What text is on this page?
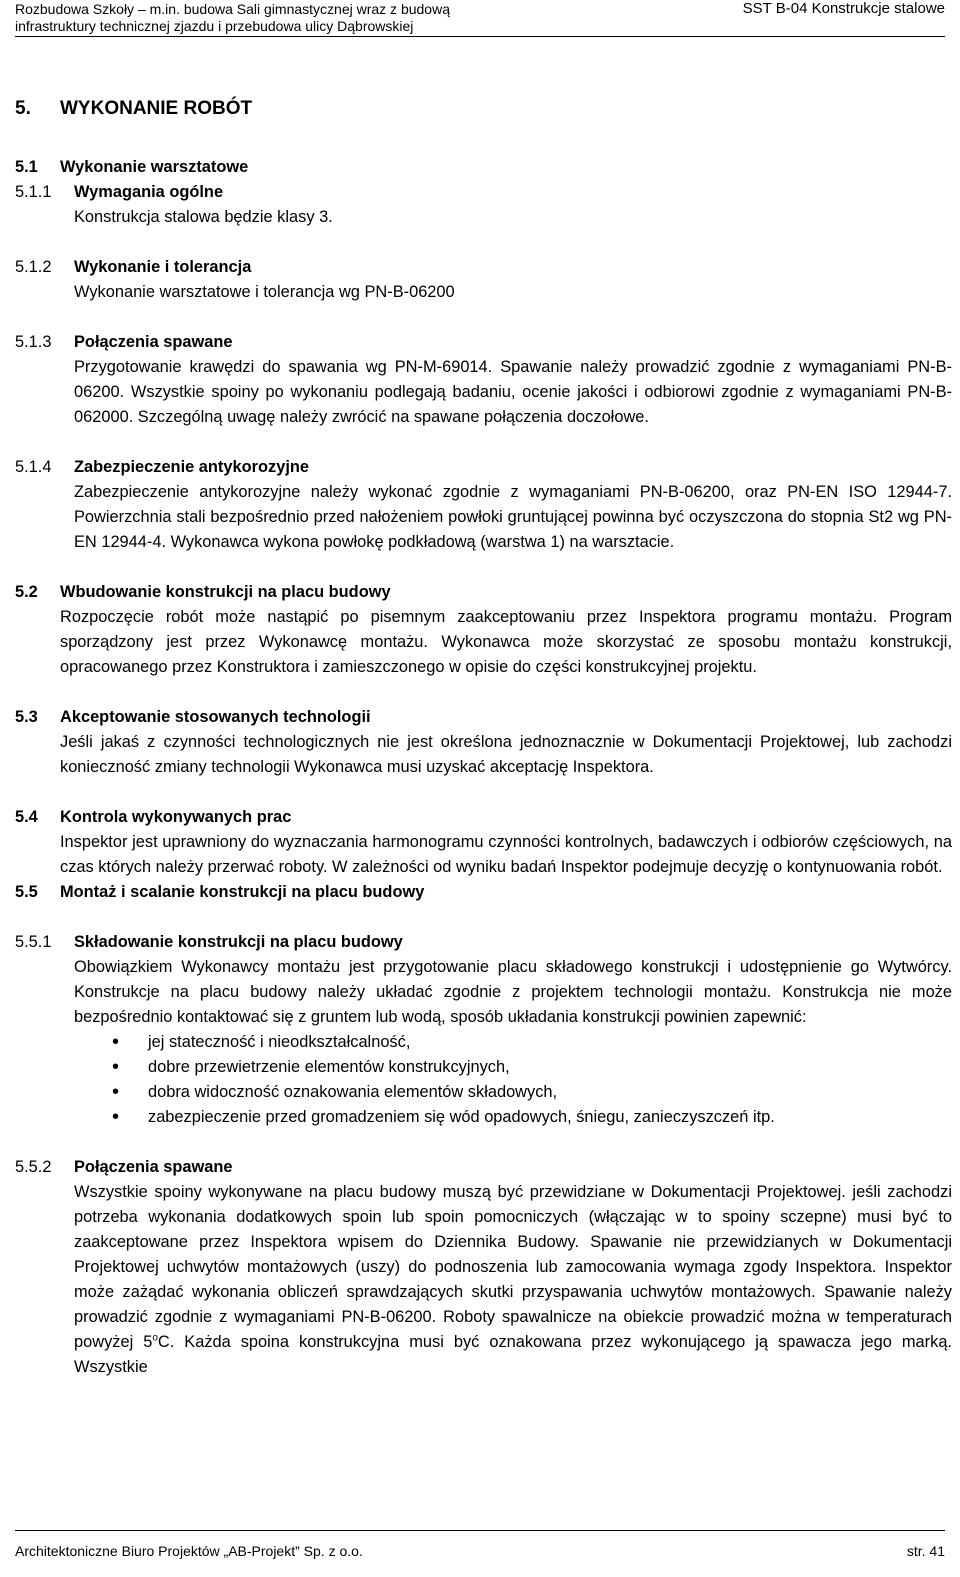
Rozbudowa Szkoły – m.in. budowa Sali gimnastycznej wraz z budową
infrastruktury technicznej zjazdu i przebudowa ulicy Dąbrowskiej
SST B-04 Konstrukcje stalowe
5.	WYKONANIE ROBÓT
5.1	Wykonanie warsztatowe
5.1.1	Wymagania ogólne
Konstrukcja stalowa będzie klasy 3.
5.1.2	Wykonanie i tolerancja
Wykonanie warsztatowe i tolerancja wg PN-B-06200
5.1.3	Połączenia spawane
Przygotowanie krawędzi do spawania wg PN-M-69014. Spawanie należy prowadzić zgodnie z wymaganiami PN-B-06200. Wszystkie spoiny po wykonaniu podlegają badaniu, ocenie jakości i odbiorowi zgodnie z wymaganiami PN-B-062000. Szczególną uwagę należy zwrócić na spawane połączenia doczołowe.
5.1.4	Zabezpieczenie antykorozyjne
Zabezpieczenie antykorozyjne należy wykonać zgodnie z wymaganiami PN-B-06200, oraz PN-EN ISO 12944-7. Powierzchnia stali bezpośrednio przed nałożeniem powłoki gruntującej powinna być oczyszczona do stopnia St2 wg PN-EN 12944-4. Wykonawca wykona powłokę podkładową (warstwa 1) na warsztacie.
5.2	Wbudowanie konstrukcji na placu budowy
Rozpoczęcie robót może nastąpić po pisemnym zaakceptowaniu przez Inspektora programu montażu. Program sporządzony jest przez Wykonawcę montażu. Wykonawca może skorzystać ze sposobu montażu konstrukcji, opracowanego przez Konstruktora i zamieszczonego w opisie do części konstrukcyjnej projektu.
5.3	Akceptowanie stosowanych technologii
Jeśli jakaś z czynności technologicznych nie jest określona jednoznacznie w Dokumentacji Projektowej, lub zachodzi konieczność zmiany technologii Wykonawca musi uzyskać akceptację Inspektora.
5.4	Kontrola wykonywanych prac
Inspektor jest uprawniony do wyznaczania harmonogramu czynności kontrolnych, badawczych i odbiorów częściowych, na czas których należy przerwać roboty. W zależności od wyniku badań Inspektor podejmuje decyzję o kontynuowania robót.
5.5	Montaż i scalanie konstrukcji na placu budowy
5.5.1	Składowanie konstrukcji na placu budowy
Obowiązkiem Wykonawcy montażu jest przygotowanie placu składowego konstrukcji i udostępnienie go Wytwórcy. Konstrukcje na placu budowy należy układać zgodnie z projektem technologii montażu. Konstrukcja nie może bezpośrednio kontaktować się z gruntem lub wodą, sposób układania konstrukcji powinien zapewnić:
• jej stateczność i nieodkształcalność,
• dobre przewietrzenie elementów konstrukcyjnych,
• dobra widoczność oznakowania elementów składowych,
• zabezpieczenie przed gromadzeniem się wód opadowych, śniegu, zanieczyszczeń itp.
5.5.2	Połączenia spawane
Wszystkie spoiny wykonywane na placu budowy muszą być przewidziane w Dokumentacji Projektowej. jeśli zachodzi potrzeba wykonania dodatkowych spoin lub spoin pomocniczych (włączając w to spoiny sczepne) musi być to zaakceptowane przez Inspektora wpisem do Dziennika Budowy. Spawanie nie przewidzianych w Dokumentacji Projektowej uchwytów montażowych (uszy) do podnoszenia lub zamocowania wymaga zgody Inspektora. Inspektor może zażądać wykonania obliczeń sprawdzających skutki przyspawania uchwytów montażowych. Spawanie należy prowadzić zgodnie z wymaganiami PN-B-06200. Roboty spawalnicze na obiekcie prowadzić można w temperaturach powyżej 5$^o$C. Każda spoina konstrukcyjna musi być oznakowana przez wykonującego ją spawacza jego marką. Wszystkie
Architektoniczne Biuro Projektów „AB-Projekt” Sp. z o.o.	str. 41
